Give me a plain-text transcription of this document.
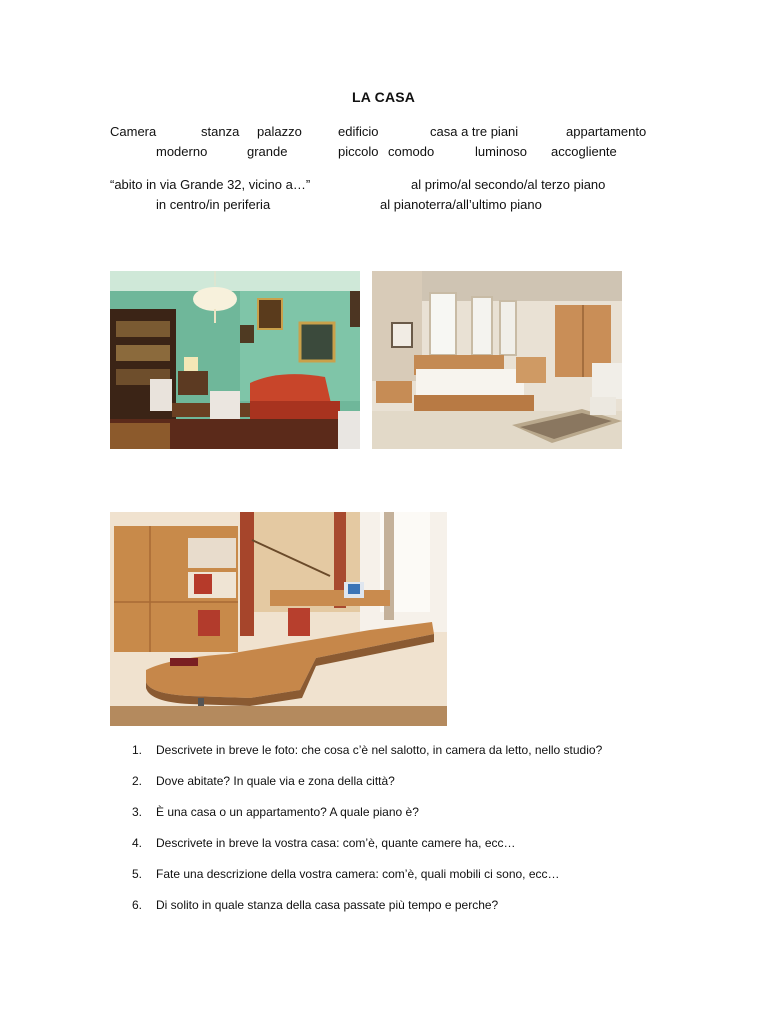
LA CASA
Camera	stanza palazzo	edificio	casa a tre piani	appartamento
moderno	grande	piccolo comodo	luminoso accogliente
“abito in via Grande 32, vicino a…”	al primo/al secondo/al terzo piano
in centro/in periferia	al pianoterra/all’ultimo piano
1. Descrivete in breve le foto: che cosa c’è nel salotto, in camera da letto, nello studio?
2. Dove abitate? In quale via e zona della città?
3. È una casa o un appartamento? A quale piano è?
4. Descrivete in breve la vostra casa: com’è, quante camere ha, ecc…
5. Fate una descrizione della vostra camera: com’è, quali mobili ci sono, ecc…
6. Di solito in quale stanza della casa passate più tempo e perche?
